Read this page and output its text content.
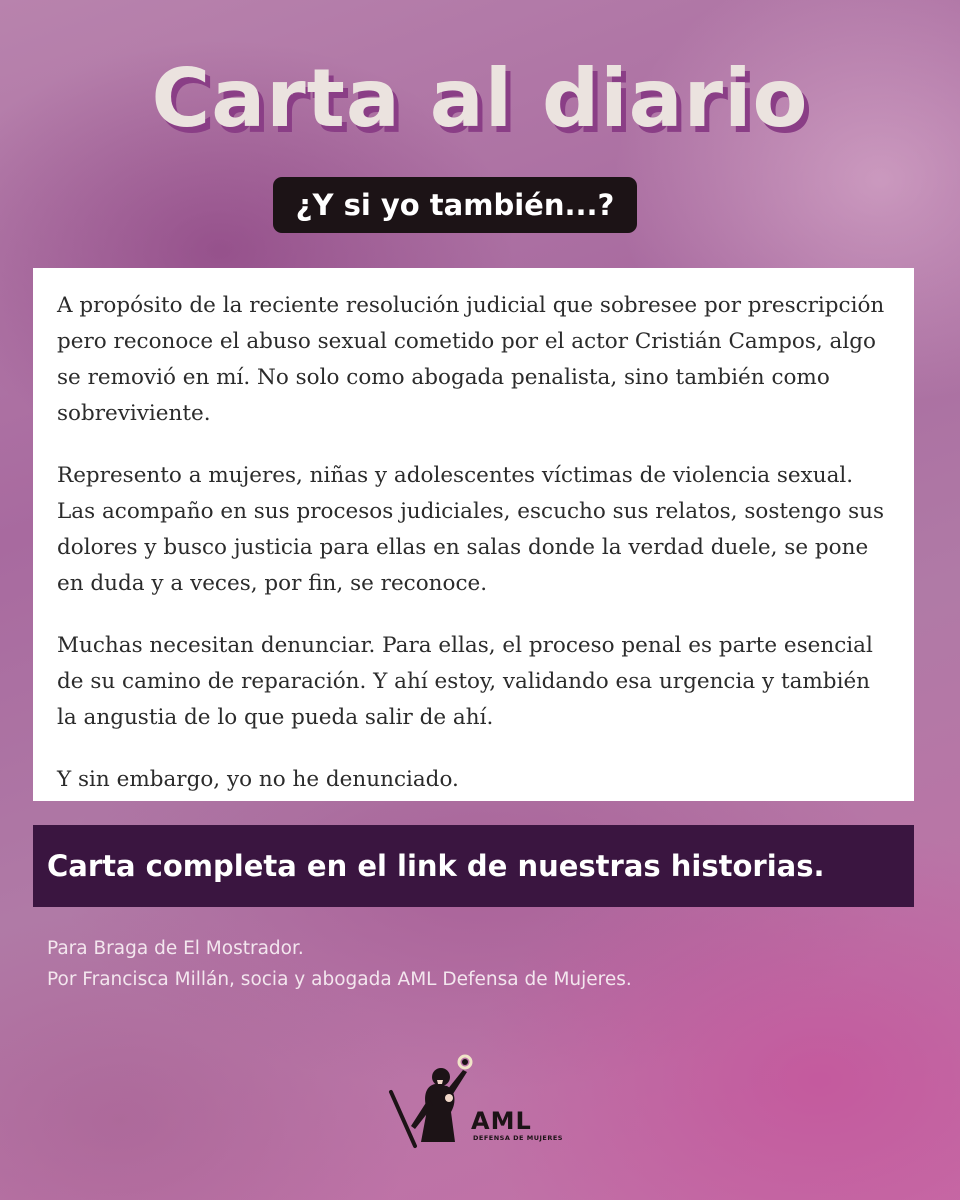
Carta al diario
¿Y si yo también...?

A propósito de la reciente resolución judicial que sobresee por prescripción pero reconoce el abuso sexual cometido por el actor Cristián Campos, algo se removió en mí. No solo como abogada penalista, sino también como sobreviviente.

Represento a mujeres, niñas y adolescentes víctimas de violencia sexual. Las acompaño en sus procesos judiciales, escucho sus relatos, sostengo sus dolores y busco justicia para ellas en salas donde la verdad duele, se pone en duda y a veces, por fin, se reconoce.

Muchas necesitan denunciar. Para ellas, el proceso penal es parte esencial de su camino de reparación. Y ahí estoy, validando esa urgencia y también la angustia de lo que pueda salir de ahí.

Y sin embargo, yo no he denunciado.

Carta completa en el link de nuestras historias.
Para Braga de El Mostrador.
Por Francisca Millán, socia y abogada AML Defensa de Mujeres.
AML
DEFENSA DE MUJERES
